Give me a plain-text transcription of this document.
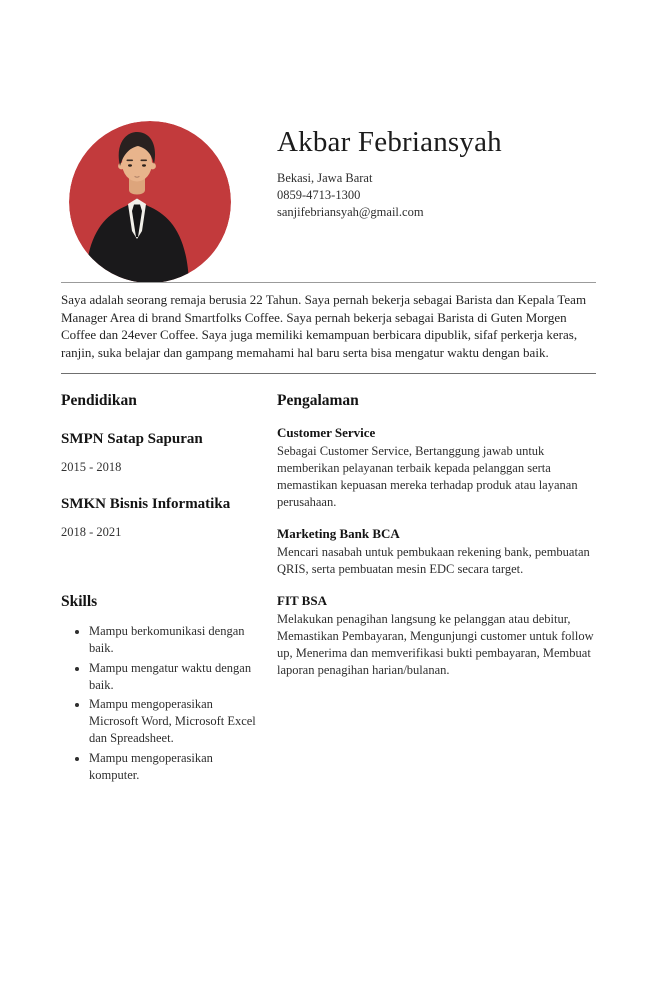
Akbar Febriansyah
Bekasi, Jawa Barat
0859-4713-1300
sanjifebriansyah@gmail.com

Saya adalah seorang remaja berusia 22 Tahun. Saya pernah bekerja sebagai Barista dan Kepala Team Manager Area di brand Smartfolks Coffee. Saya pernah bekerja sebagai Barista di Guten Morgen Coffee dan 24ever Coffee. Saya juga memiliki kemampuan berbicara dipublik, sifaf perkerja keras, ranjin, suka belajar dan gampang memahami hal baru serta bisa mengatur waktu dengan baik.

Pendidikan
SMPN Satap Sapuran
2015 - 2018
SMKN Bisnis Informatika
2018 - 2021
Skills
• Mampu berkomunikasi dengan baik.
• Mampu mengatur waktu dengan baik.
• Mampu mengoperasikan Microsoft Word, Microsoft Excel dan Spreadsheet.
• Mampu mengoperasikan komputer.
Pengalaman
Customer Service

Sebagai Customer Service, Bertanggung jawab untuk memberikan pelayanan terbaik kepada pelanggan serta memastikan kepuasan mereka terhadap produk atau layanan perusahaan.

Marketing Bank BCA

Mencari nasabah untuk pembukaan rekening bank, pembuatan QRIS, serta pembuatan mesin EDC secara target.

FIT BSA

Melakukan penagihan langsung ke pelanggan atau debitur, Memastikan Pembayaran, Mengunjungi customer untuk follow up, Menerima dan memverifikasi bukti pembayaran, Membuat laporan penagihan harian/bulanan.
